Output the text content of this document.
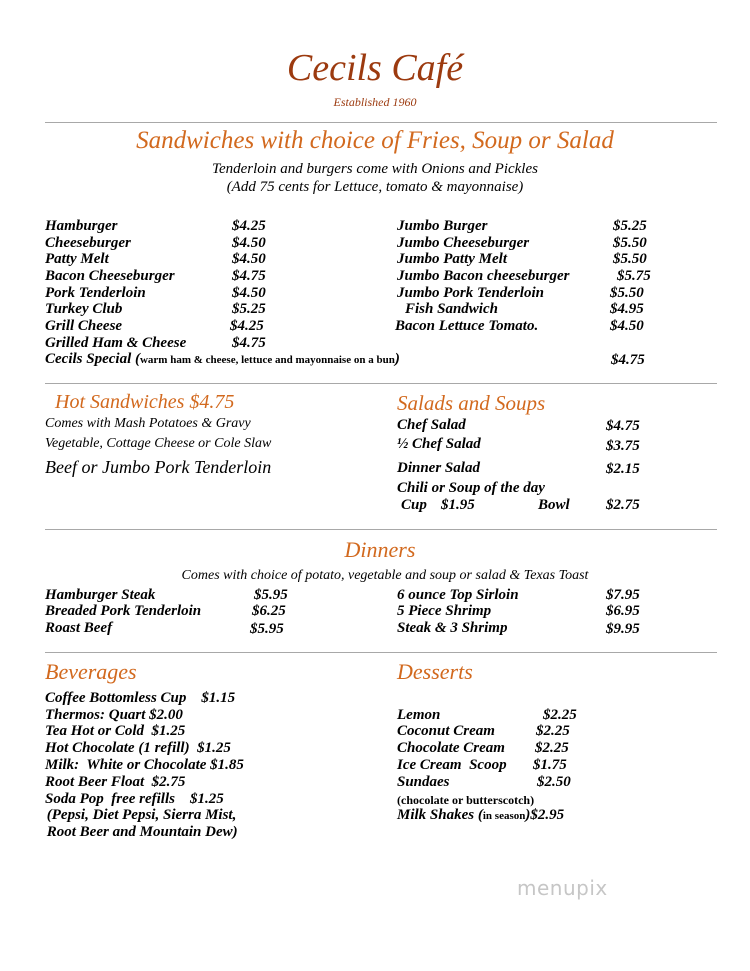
Cecils Café
Established 1960
Sandwiches with choice of Fries, Soup or Salad
Tenderloin and burgers come with Onions and Pickles
(Add 75 cents for Lettuce, tomato & mayonnaise)
Hamburger	$4.25
Cheeseburger	$4.50
Patty Melt	$4.50
Bacon Cheeseburger	$4.75
Pork Tenderloin	$4.50
Turkey Club	$5.25
Grill Cheese	$4.25
Grilled Ham & Cheese	$4.75
Jumbo Burger	$5.25
Jumbo Cheeseburger	$5.50
Jumbo Patty Melt	$5.50
Jumbo Bacon cheeseburger	$5.75
Jumbo Pork Tenderloin	$5.50
Fish Sandwich	$4.95
Bacon Lettuce Tomato.	$4.50
Cecils Special (warm ham & cheese, lettuce and mayonnaise on a bun)	$4.75
Hot Sandwiches $4.75
Comes with Mash Potatoes & Gravy
Vegetable, Cottage Cheese or Cole Slaw
Beef or Jumbo Pork Tenderloin
Salads and Soups
Chef Salad	$4.75
½ Chef Salad	$3.75
Dinner Salad	$2.15
Chili or Soup of the day
Cup $1.95	Bowl $2.75
Dinners
Comes with choice of potato, vegetable and soup or salad & Texas Toast
Hamburger Steak	$5.95
Breaded Pork Tenderloin	$6.25
Roast Beef	$5.95
6 ounce Top Sirloin	$7.95
5 Piece Shrimp	$6.95
Steak & 3 Shrimp	$9.95
Beverages
Coffee Bottomless Cup    $1.15
Thermos: Quart $2.00
Tea Hot or Cold  $1.25
Hot Chocolate (1 refill)  $1.25
Milk:  White or Chocolate $1.85
Root Beer Float  $2.75
Soda Pop  free refills    $1.25
(Pepsi, Diet Pepsi, Sierra Mist,
Root Beer and Mountain Dew)
Desserts
Lemon	$2.25
Coconut Cream	$2.25
Chocolate Cream $2.25
Ice Cream  Scoop $1.75
Sundaes	$2.50
(chocolate or butterscotch)
Milk Shakes (in season)$2.95
menupix
